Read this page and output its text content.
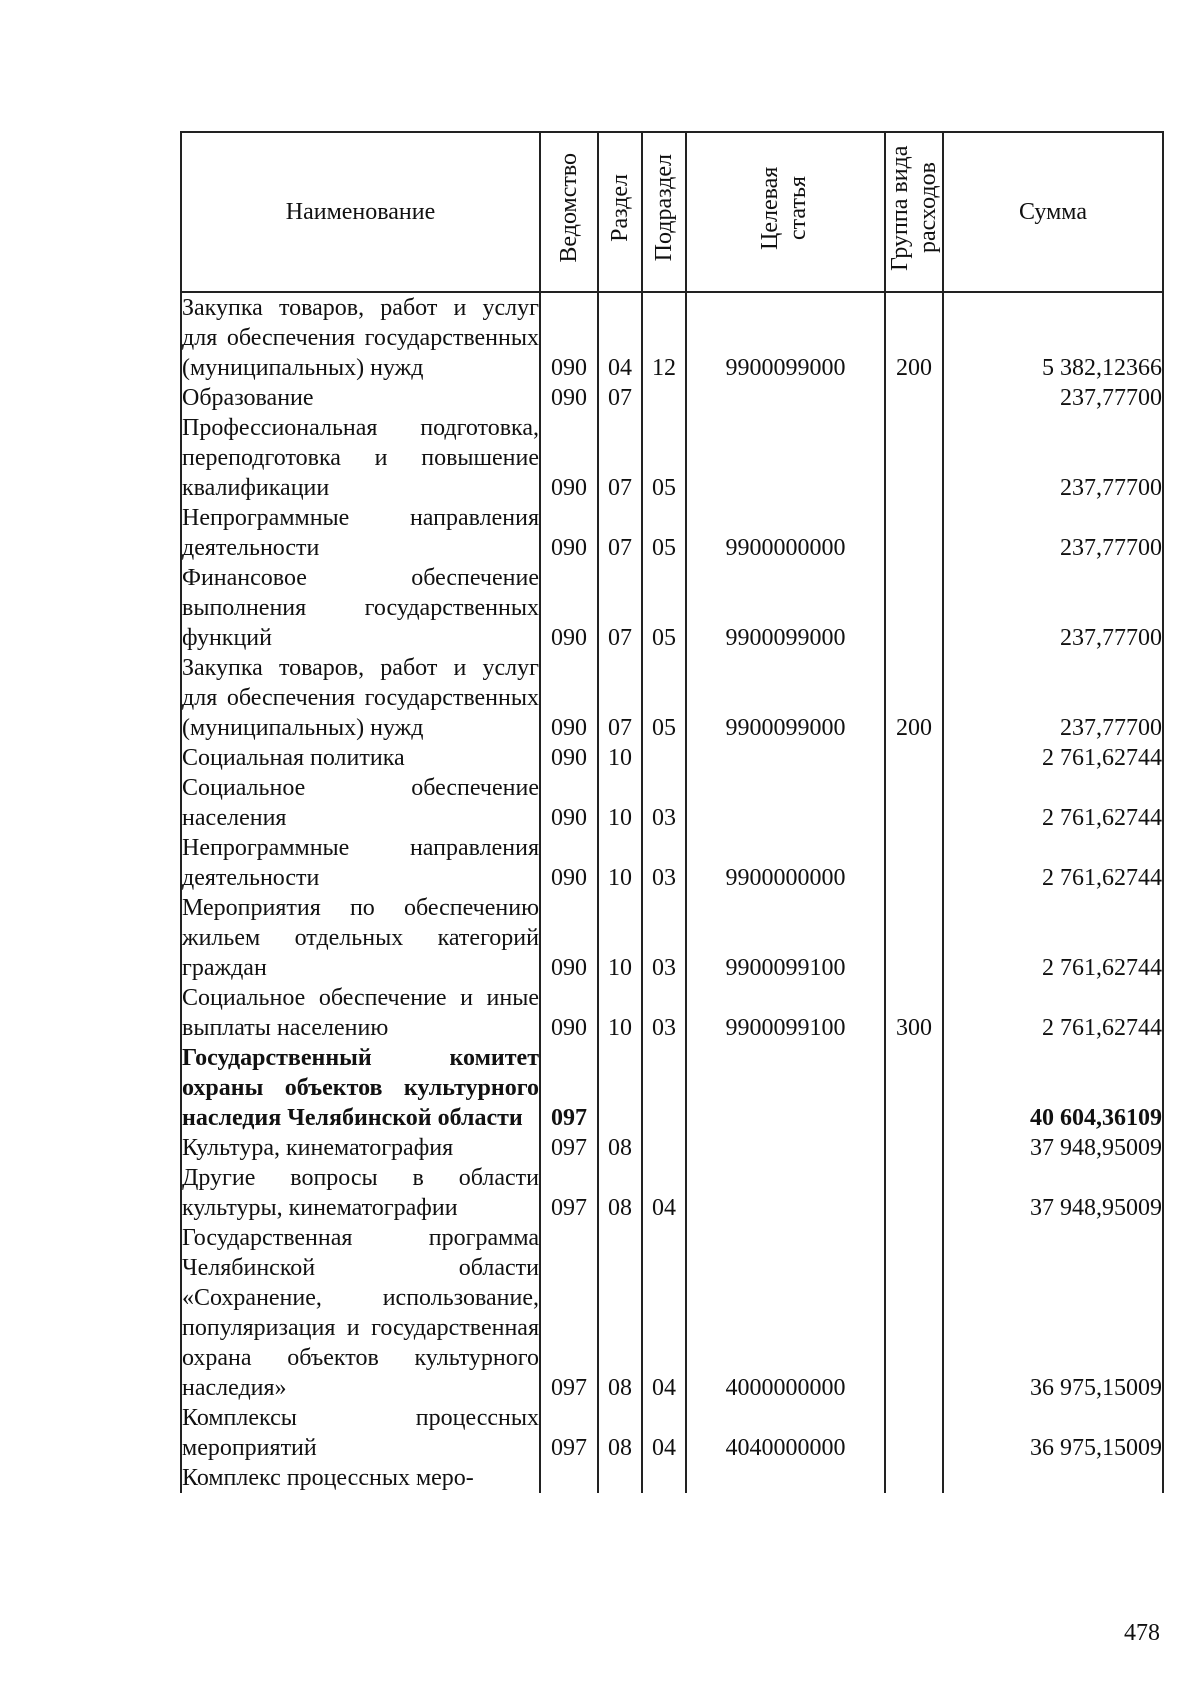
Наименование	Ведомство	Раздел	Подраздел	Целевая статья	Группа вида расходов	Сумма
Закупка товаров, работ и услуг для обеспечения государственных (муниципальных) нужд	090	04	12	9900099000	200	5 382,12366
Образование	090	07				237,77700
Профессиональная подготовка, переподготовка и повышение квалификации	090	07	05			237,77700
Непрограммные направления деятельности	090	07	05	9900000000		237,77700
Финансовое обеспечение выполнения государственных функций	090	07	05	9900099000		237,77700
Закупка товаров, работ и услуг для обеспечения государственных (муниципальных) нужд	090	07	05	9900099000	200	237,77700
Социальная политика	090	10				2 761,62744
Социальное обеспечение населения	090	10	03			2 761,62744
Непрограммные направления деятельности	090	10	03	9900000000		2 761,62744
Мероприятия по обеспечению жильем отдельных категорий граждан	090	10	03	9900099100		2 761,62744
Социальное обеспечение и иные выплаты населению	090	10	03	9900099100	300	2 761,62744
Государственный комитет охраны объектов культурного наследия Челябинской области	097					40 604,36109
Культура, кинематография	097	08				37 948,95009
Другие вопросы в области культуры, кинематографии	097	08	04			37 948,95009
Государственная программа Челябинской области «Сохранение, использование, популяризация и государственная охрана объектов культурного наследия»	097	08	04	4000000000		36 975,15009
Комплексы процессных мероприятий	097	08	04	4040000000		36 975,15009
Комплекс процессных меро-						
478
